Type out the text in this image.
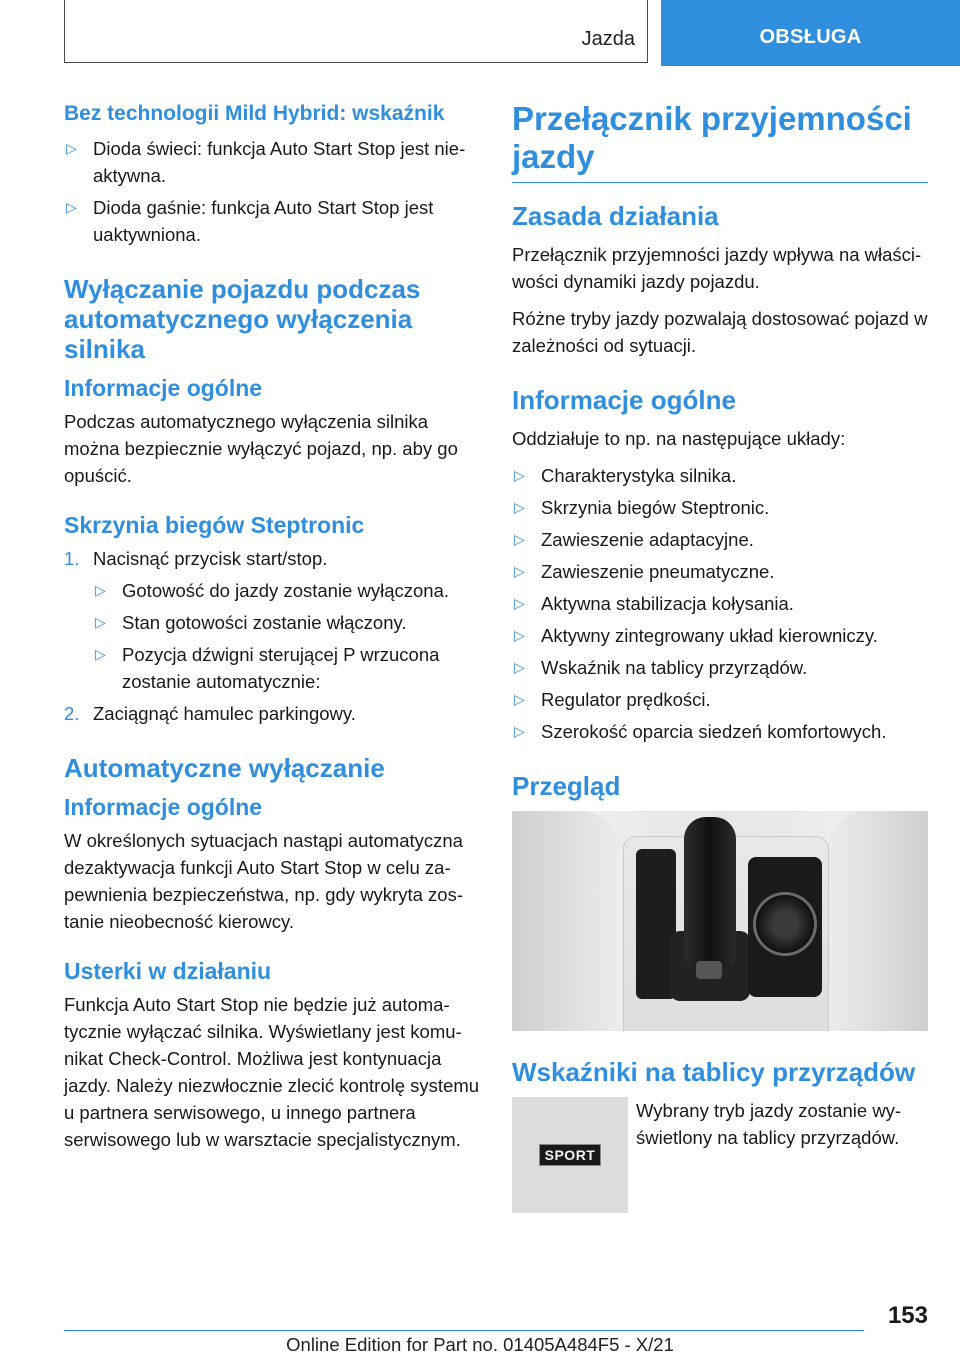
Jazda	OBSŁUGA
Bez technologii Mild Hybrid: wskaźnik
▷ Dioda świeci: funkcja Auto Start Stop jest nieaktywna.
▷ Dioda gaśnie: funkcja Auto Start Stop jest uaktywniona.
Wyłączanie pojazdu podczas automatycznego wyłączenia silnika
Informacje ogólne

Podczas automatycznego wyłączenia silnika można bezpiecznie wyłączyć pojazd, np. aby go opuścić.

Skrzynia biegów Steptronic
1. Nacisnąć przycisk start/stop.
▷ Gotowość do jazdy zostanie wyłączona.
▷ Stan gotowości zostanie włączony.
▷ Pozycja dźwigni sterującej P wrzucona zostanie automatycznie:
2. Zaciągnąć hamulec parkingowy.
Automatyczne wyłączanie
Informacje ogólne

W określonych sytuacjach nastąpi automatyczna dezaktywacja funkcji Auto Start Stop w celu zapewnienia bezpieczeństwa, np. gdy wykryta zostanie nieobecność kierowcy.

Usterki w działaniu

Funkcja Auto Start Stop nie będzie już automatycznie wyłączać silnika. Wyświetlany jest komunikat Check-Control. Możliwa jest kontynuacja jazdy. Należy niezwłocznie zlecić kontrolę systemu u partnera serwisowego, u innego partnera serwisowego lub w warsztacie specjalistycznym.

Przełącznik przyjemności jazdy
Zasada działania

Przełącznik przyjemności jazdy wpływa na właściwości dynamiki jazdy pojazdu.

Różne tryby jazdy pozwalają dostosować pojazd w zależności od sytuacji.

Informacje ogólne

Oddziałuje to np. na następujące układy:

▷ Charakterystyka silnika.
▷ Skrzynia biegów Steptronic.
▷ Zawieszenie adaptacyjne.
▷ Zawieszenie pneumatyczne.
▷ Aktywna stabilizacja kołysania.
▷ Aktywny zintegrowany układ kierowniczy.
▷ Wskaźnik na tablicy przyrządów.
▷ Regulator prędkości.
▷ Szerokość oparcia siedzeń komfortowych.
Przegląd
Wskaźniki na tablicy przyrządów
SPORT
Wybrany tryb jazdy zostanie wyświetlony na tablicy przyrządów.
153
Online Edition for Part no. 01405A484F5 - X/21
